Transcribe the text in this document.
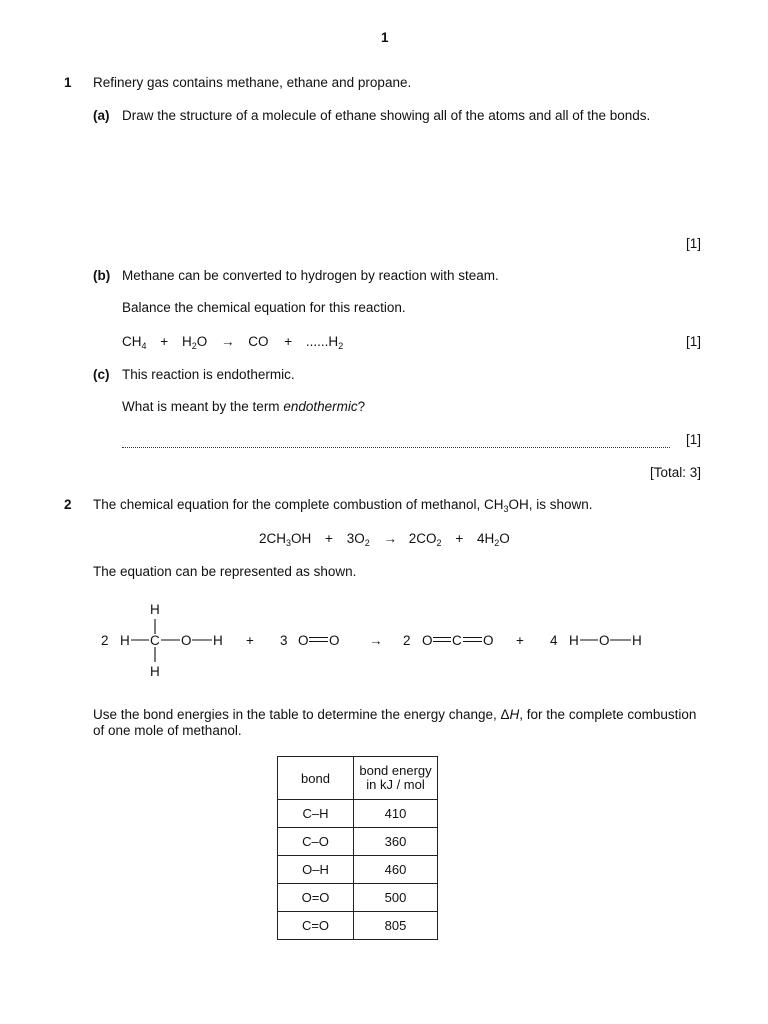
1
1 Refinery gas contains methane, ethane and propane.
(a) Draw the structure of a molecule of ethane showing all of the atoms and all of the bonds.
[1]
(b) Methane can be converted to hydrogen by reaction with steam.
Balance the chemical equation for this reaction.
$CH_4 + H_2O$ → CO + $......H_2$	[1]
(c) This reaction is endothermic.
What is meant by the term endothermic?
[1]
[Total: 3]
2 The chemical equation for the complete combustion of methanol, $CH_3OH$, is shown.
$2CH_3OH + 3O_2 \to 2CO_2 + 4H_2O$
The equation can be represented as shown.
2 H C O H
H
H
+ 3 O O → 2 O C O + 4 H O H
Use the bond energies in the table to determine the energy change, ΔH, for the complete combustion
of one mole of methanol.
bond	bond energy
in kJ / mol
C–H	410
C–O	360
O–H	460
O=O	500
C=O	805
